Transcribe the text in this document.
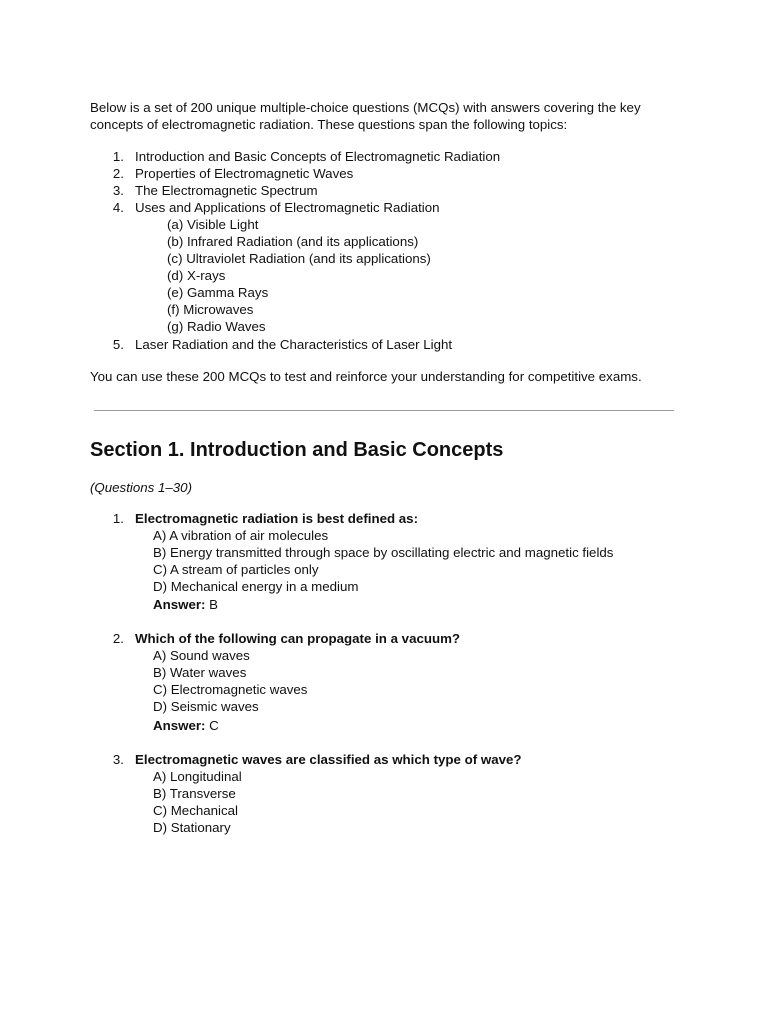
Below is a set of 200 unique multiple-choice questions (MCQs) with answers covering the key
concepts of electromagnetic radiation. These questions span the following topics:
1. Introduction and Basic Concepts of Electromagnetic Radiation
2. Properties of Electromagnetic Waves
3. The Electromagnetic Spectrum
4. Uses and Applications of Electromagnetic Radiation
(a) Visible Light
(b) Infrared Radiation (and its applications)
(c) Ultraviolet Radiation (and its applications)
(d) X-rays
(e) Gamma Rays
(f) Microwaves
(g) Radio Waves
5. Laser Radiation and the Characteristics of Laser Light
You can use these 200 MCQs to test and reinforce your understanding for competitive exams.
Section 1. Introduction and Basic Concepts
(Questions 1–30)
1. Electromagnetic radiation is best defined as:
A) A vibration of air molecules
B) Energy transmitted through space by oscillating electric and magnetic fields
C) A stream of particles only
D) Mechanical energy in a medium
Answer: B
2. Which of the following can propagate in a vacuum?
A) Sound waves
B) Water waves
C) Electromagnetic waves
D) Seismic waves
Answer: C
3. Electromagnetic waves are classified as which type of wave?
A) Longitudinal
B) Transverse
C) Mechanical
D) Stationary
